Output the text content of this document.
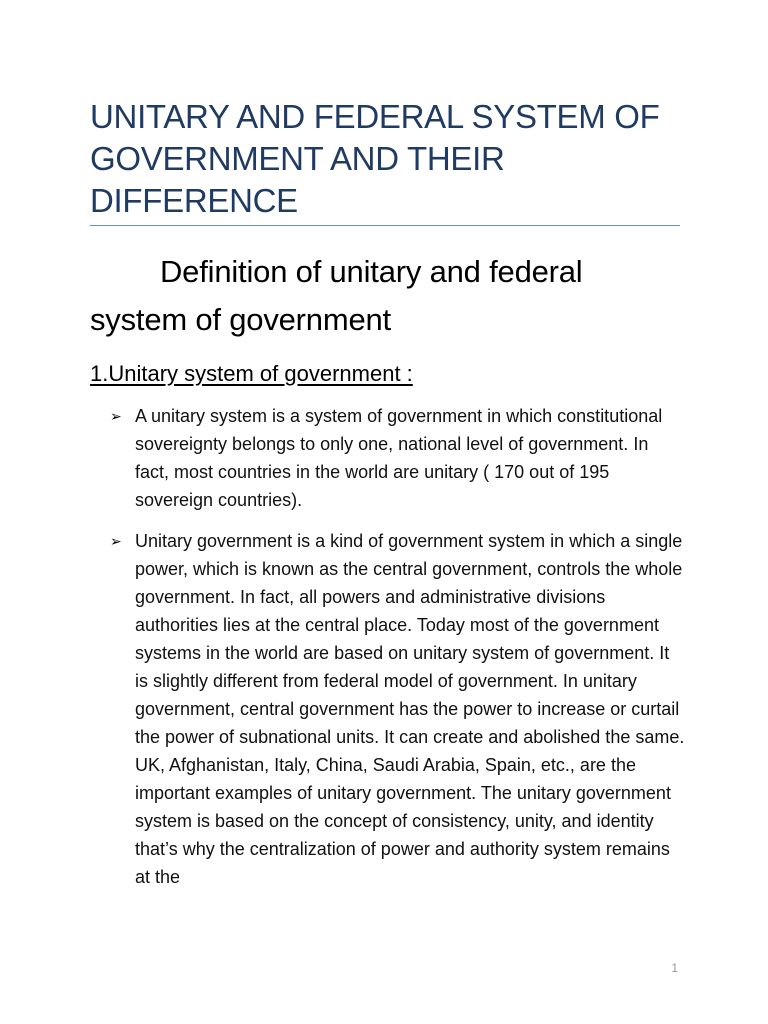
UNITARY AND FEDERAL SYSTEM OF GOVERNMENT AND THEIR DIFFERENCE
Definition of unitary and federal system of government
1.Unitary system of government :
➢ A unitary system is a system of government in which constitutional sovereignty belongs to only one, national level of government. In fact, most countries in the world are unitary ( 170 out of 195 sovereign countries).
➢ Unitary government is a kind of government system in which a single power, which is known as the central government, controls the whole government. In fact, all powers and administrative divisions authorities lies at the central place. Today most of the government systems in the world are based on unitary system of government. It is slightly different from federal model of government. In unitary government, central government has the power to increase or curtail the power of subnational units. It can create and abolished the same. UK, Afghanistan, Italy, China, Saudi Arabia, Spain, etc., are the important examples of unitary government. The unitary government system is based on the concept of consistency, unity, and identity that’s why the centralization of power and authority system remains at the
1
